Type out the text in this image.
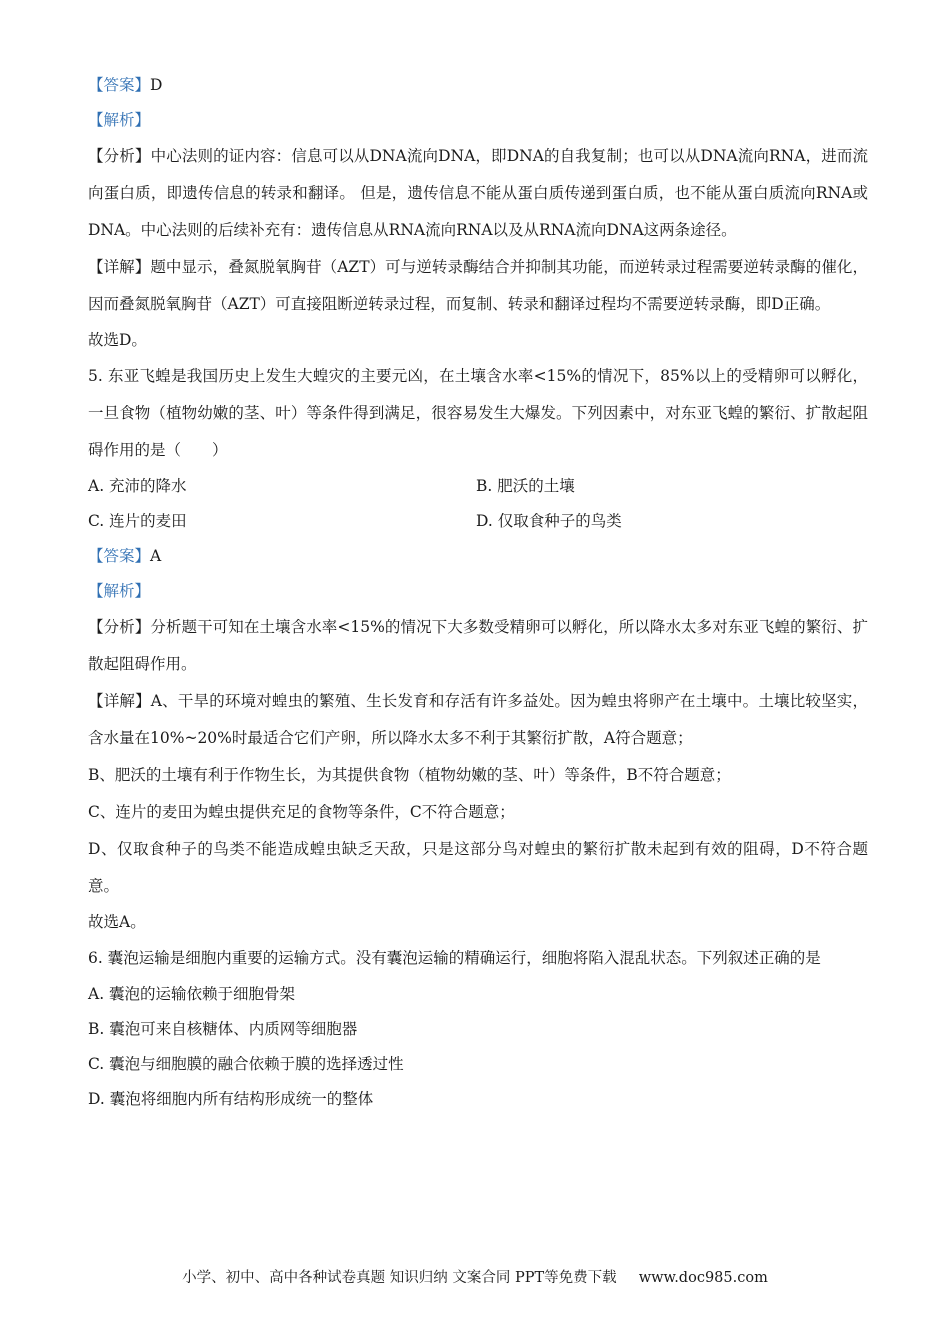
【答案】D
【解析】
【分析】中心法则的证内容：信息可以从DNA流向DNA，即DNA的自我复制；也可以从DNA流向RNA，进而流向蛋白质，即遗传信息的转录和翻译。 但是，遗传信息不能从蛋白质传递到蛋白质，也不能从蛋白质流向RNA或DNA。中心法则的后续补充有：遗传信息从RNA流向RNA以及从RNA流向DNA这两条途径。
【详解】题中显示，叠氮脱氧胸苷（AZT）可与逆转录酶结合并抑制其功能，而逆转录过程需要逆转录酶的催化，因而叠氮脱氧胸苷（AZT）可直接阻断逆转录过程，而复制、转录和翻译过程均不需要逆转录酶，即D正确。
故选D。
5. 东亚飞蝗是我国历史上发生大蝗灾的主要元凶，在土壤含水率<15%的情况下，85%以上的受精卵可以孵化，一旦食物（植物幼嫩的茎、叶）等条件得到满足，很容易发生大爆发。下列因素中，对东亚飞蝗的繁衍、扩散起阻碍作用的是（　　）
A. 充沛的降水	B. 肥沃的土壤
C. 连片的麦田	D. 仅取食种子的鸟类
【答案】A
【解析】
【分析】分析题干可知在土壤含水率<15%的情况下大多数受精卵可以孵化，所以降水太多对东亚飞蝗的繁衍、扩散起阻碍作用。
【详解】A、干旱的环境对蝗虫的繁殖、生长发育和存活有许多益处。因为蝗虫将卵产在土壤中。土壤比较坚实，含水量在10%~20%时最适合它们产卵，所以降水太多不利于其繁衍扩散，A符合题意；
B、肥沃的土壤有利于作物生长，为其提供食物（植物幼嫩的茎、叶）等条件，B不符合题意；
C、连片的麦田为蝗虫提供充足的食物等条件，C不符合题意；
D、仅取食种子的鸟类不能造成蝗虫缺乏天敌，只是这部分鸟对蝗虫的繁衍扩散未起到有效的阻碍，D不符合题意。
故选A。
6. 囊泡运输是细胞内重要的运输方式。没有囊泡运输的精确运行，细胞将陷入混乱状态。下列叙述正确的是
A. 囊泡的运输依赖于细胞骨架
B. 囊泡可来自核糖体、内质网等细胞器
C. 囊泡与细胞膜的融合依赖于膜的选择透过性
D. 囊泡将细胞内所有结构形成统一的整体
小学、初中、高中各种试卷真题 知识归纳 文案合同 PPT等免费下载 www.doc985.com
